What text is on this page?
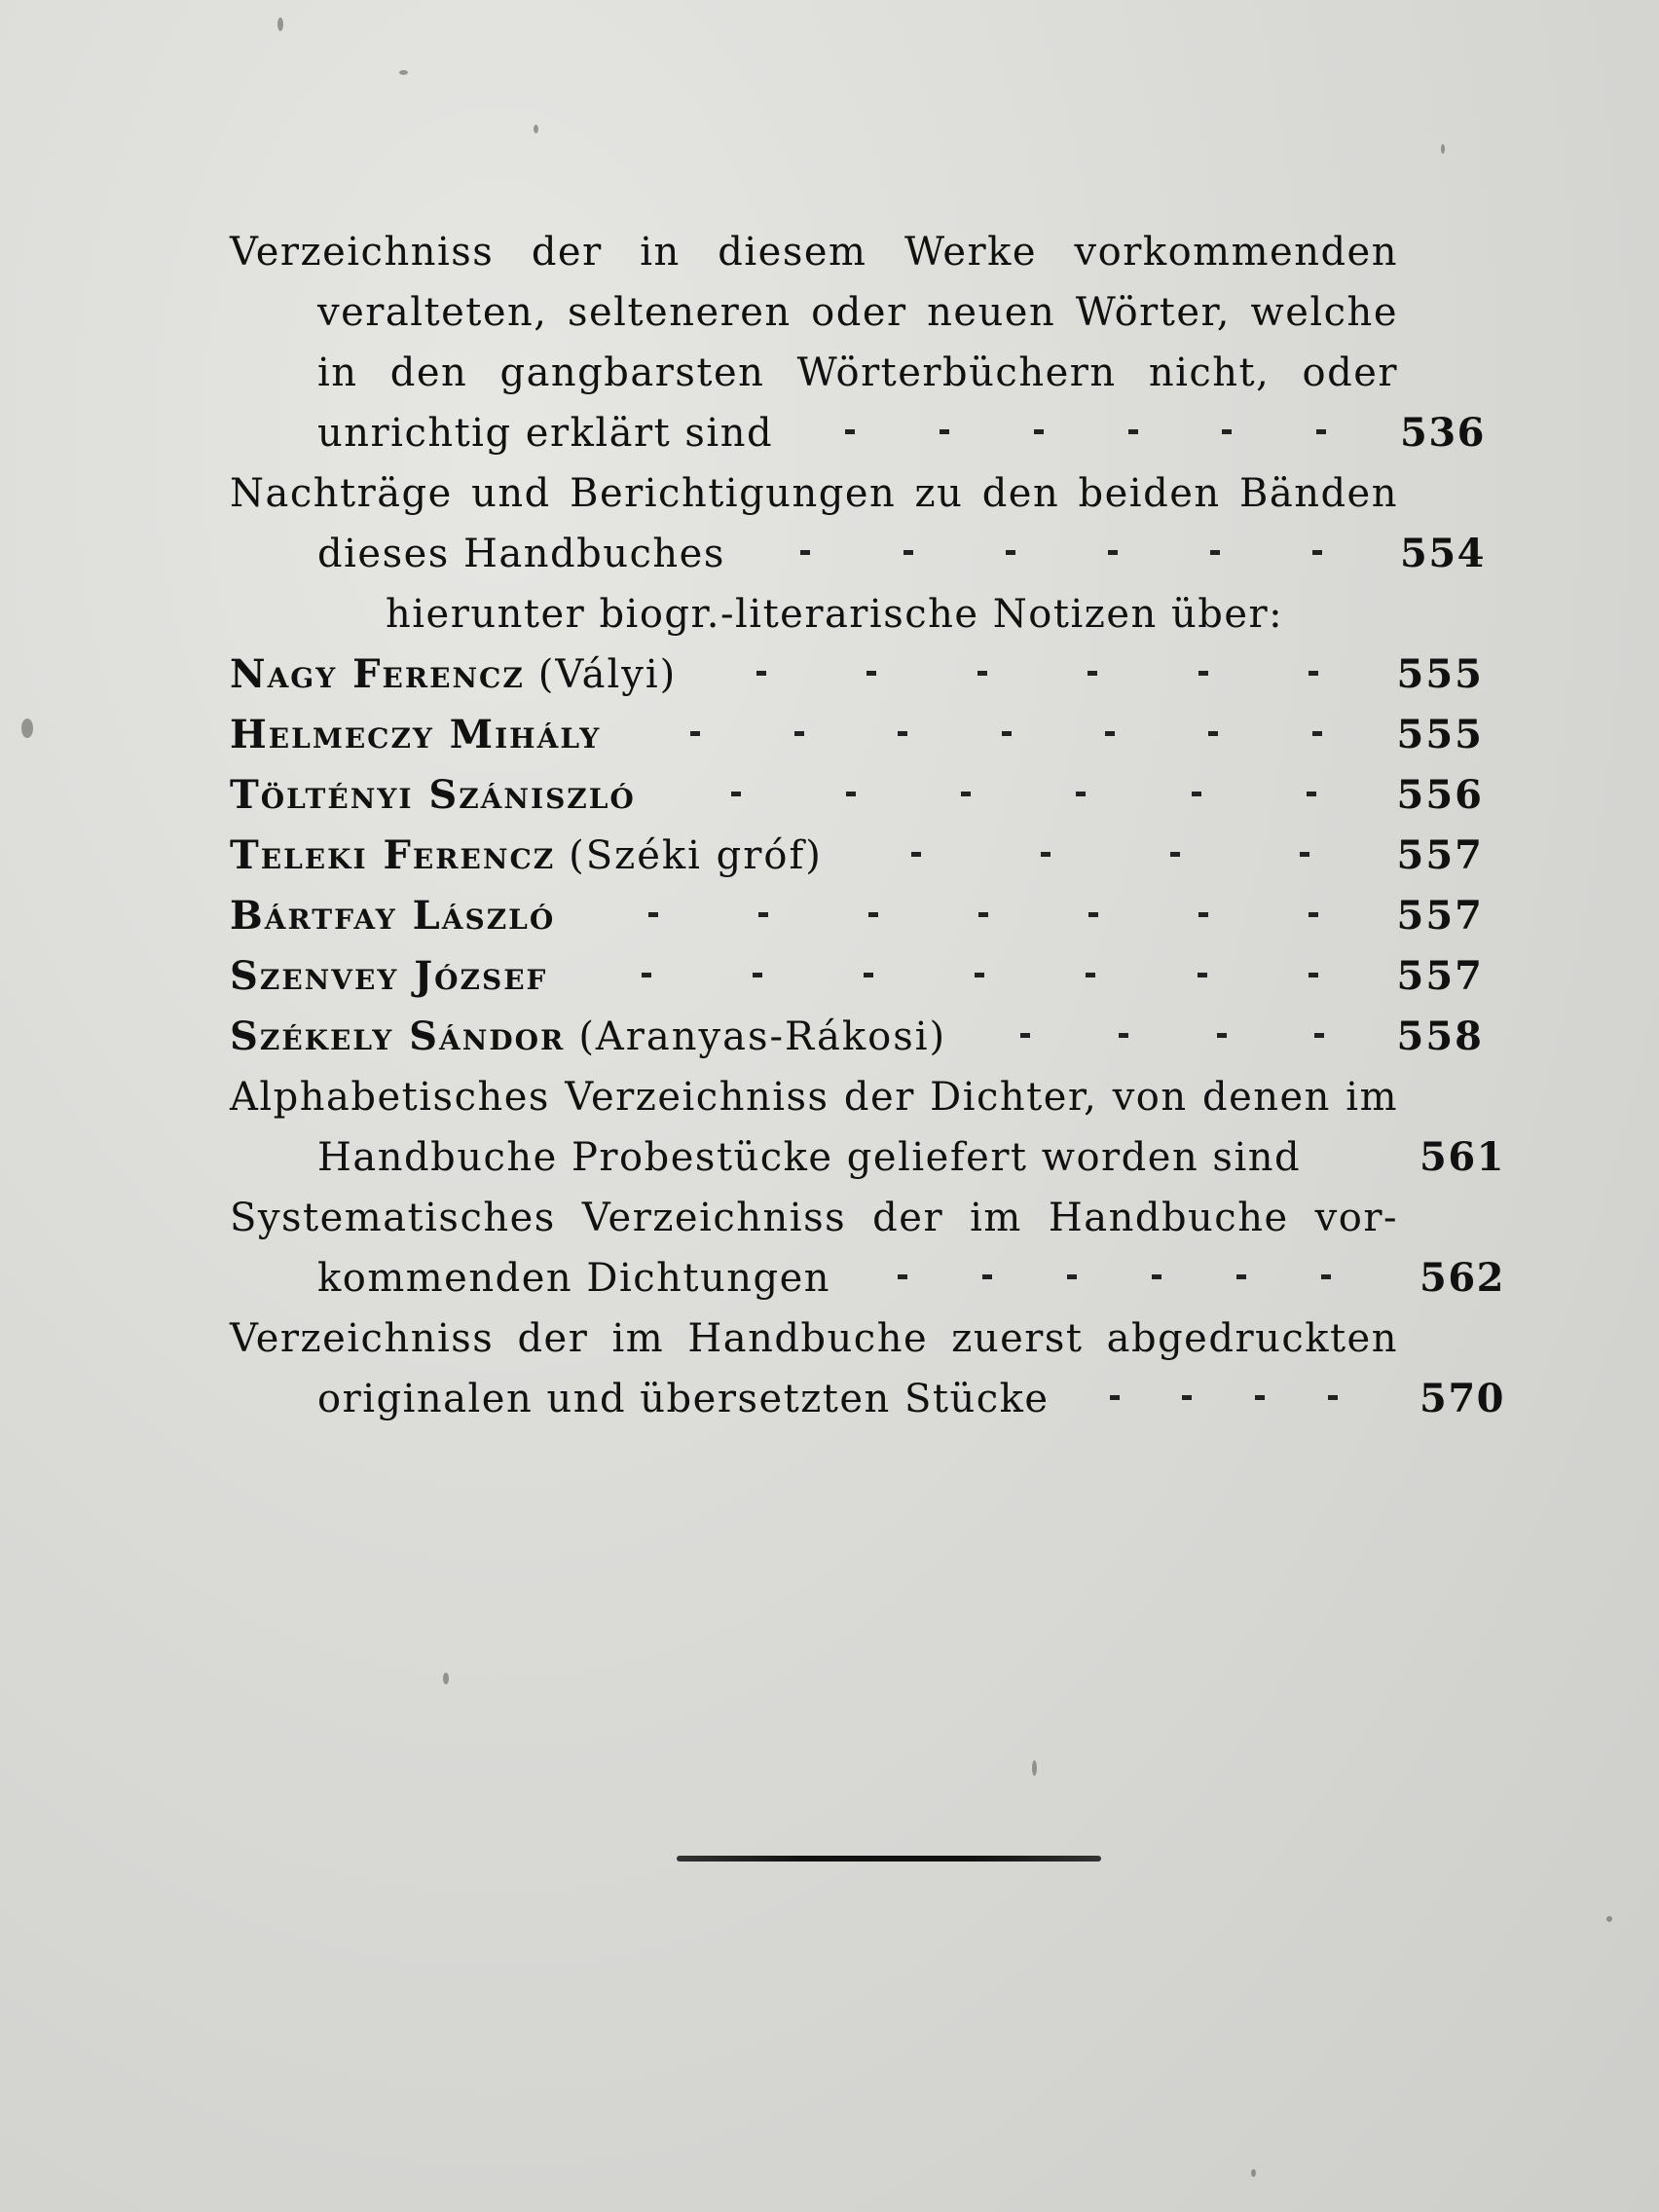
Verzeichniss der in diesem Werke vorkommenden
veralteten, selteneren oder neuen Wörter, welche
in den gangbarsten Wörterbüchern nicht, oder
unrichtig erklärt sind	536
Nachträge und Berichtigungen zu den beiden Bänden
dieses Handbuches	554
hierunter biogr.-literarische Notizen über:
Nagy Ferencz (Vályi)	555
Helmeczy Mihály	555
Töltényi Szániszló	556
Teleki Ferencz (Széki gróf)	557
Bártfay László	557
Szenvey József	557
Székely Sándor (Aranyas-Rákosi)	558
Alphabetisches Verzeichniss der Dichter, von denen im
Handbuche Probestücke geliefert worden sind	561
Systematisches Verzeichniss der im Handbuche vor-
kommenden Dichtungen	562
Verzeichniss der im Handbuche zuerst abgedruckten
originalen und übersetzten Stücke	570
